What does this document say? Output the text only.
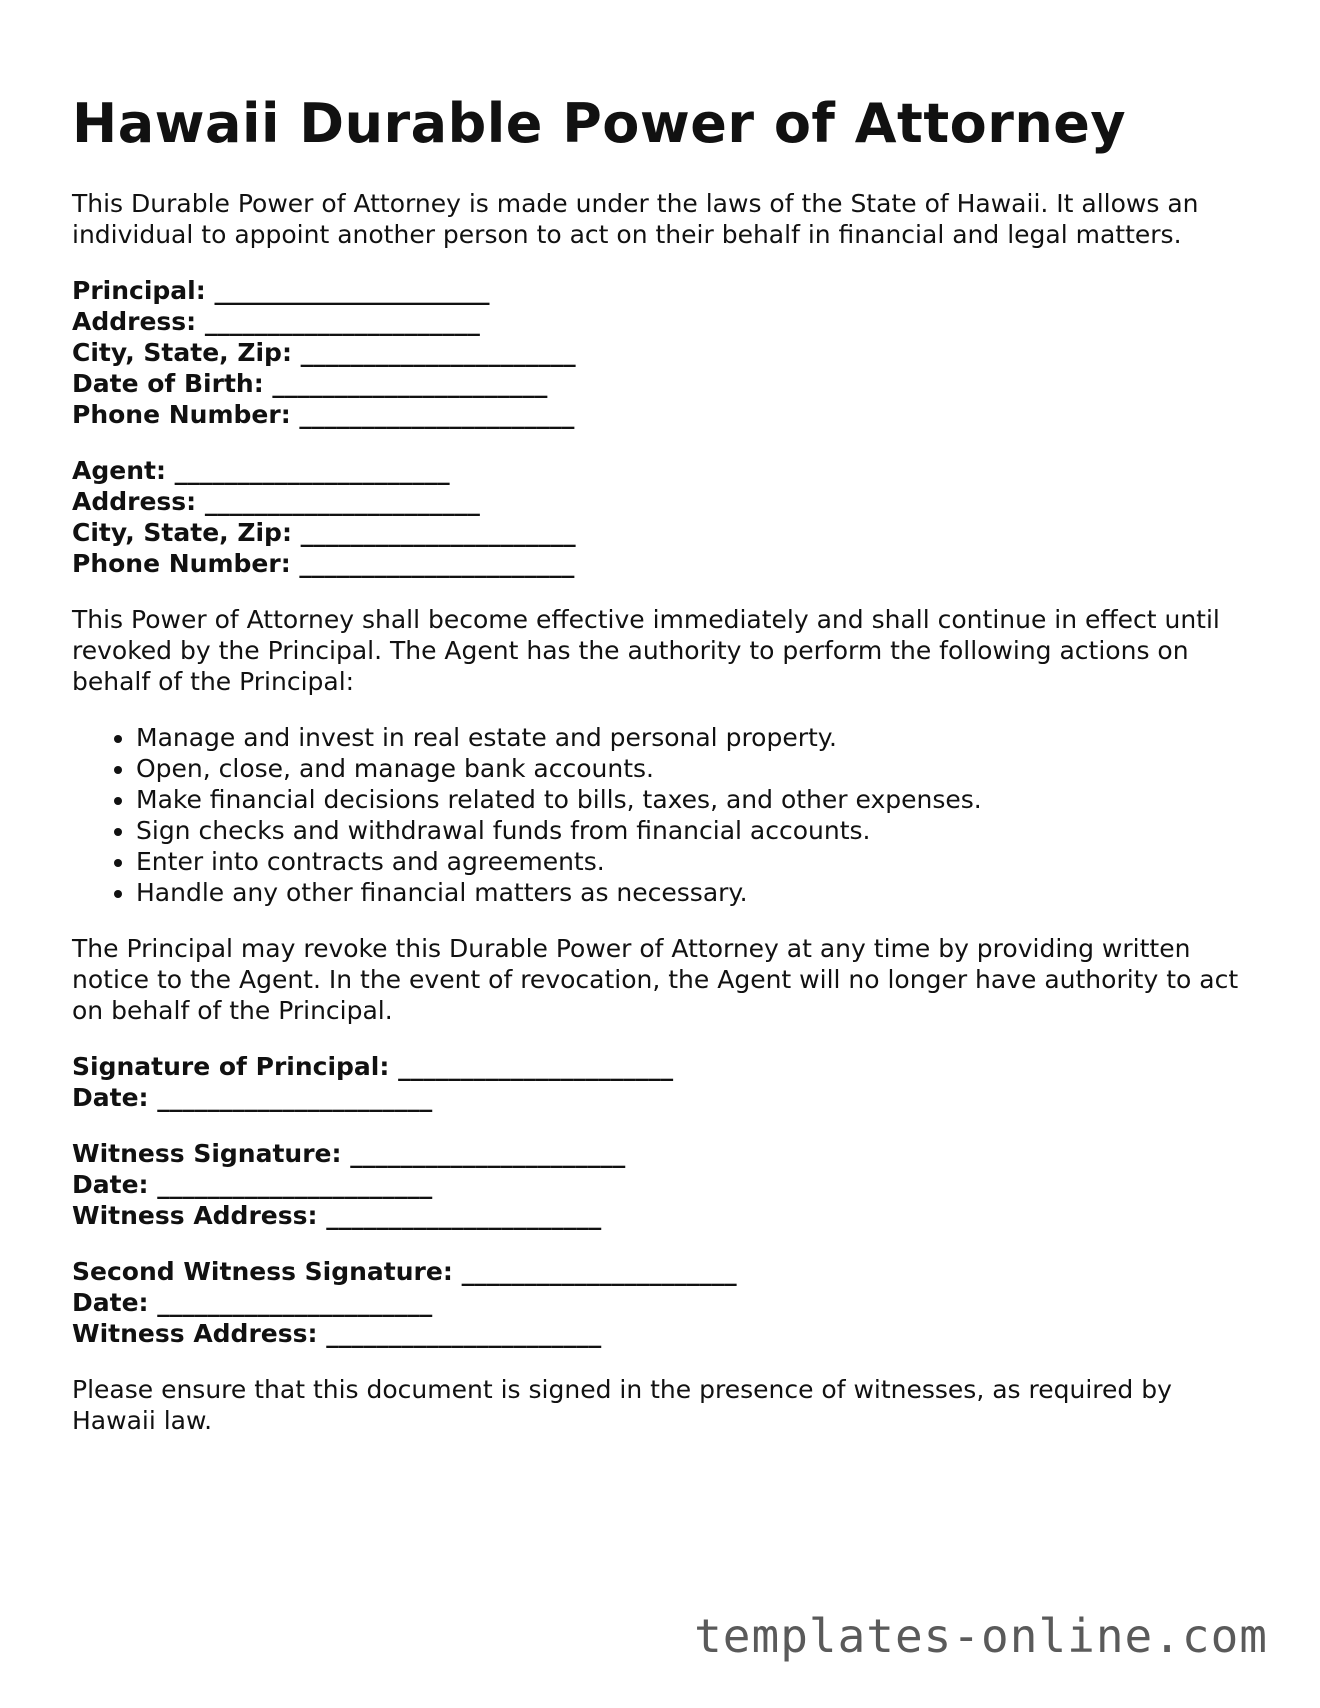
Hawaii Durable Power of Attorney

This Durable Power of Attorney is made under the laws of the State of Hawaii. It allows an individual to appoint another person to act on their behalf in financial and legal matters.

Principal: ______________________
Address: ______________________
City, State, Zip: ______________________
Date of Birth: ______________________
Phone Number: ______________________
Agent: ______________________
Address: ______________________
City, State, Zip: ______________________
Phone Number: ______________________

This Power of Attorney shall become effective immediately and shall continue in effect until revoked by the Principal. The Agent has the authority to perform the following actions on behalf of the Principal:

• Manage and invest in real estate and personal property.
• Open, close, and manage bank accounts.
• Make financial decisions related to bills, taxes, and other expenses.
• Sign checks and withdrawal funds from financial accounts.
• Enter into contracts and agreements.
• Handle any other financial matters as necessary.

The Principal may revoke this Durable Power of Attorney at any time by providing written notice to the Agent. In the event of revocation, the Agent will no longer have authority to act on behalf of the Principal.

Signature of Principal: ______________________
Date: ______________________
Witness Signature: ______________________
Date: ______________________
Witness Address: ______________________
Second Witness Signature: ______________________
Date: ______________________
Witness Address: ______________________

Please ensure that this document is signed in the presence of witnesses, as required by Hawaii law.

templates-online.com
